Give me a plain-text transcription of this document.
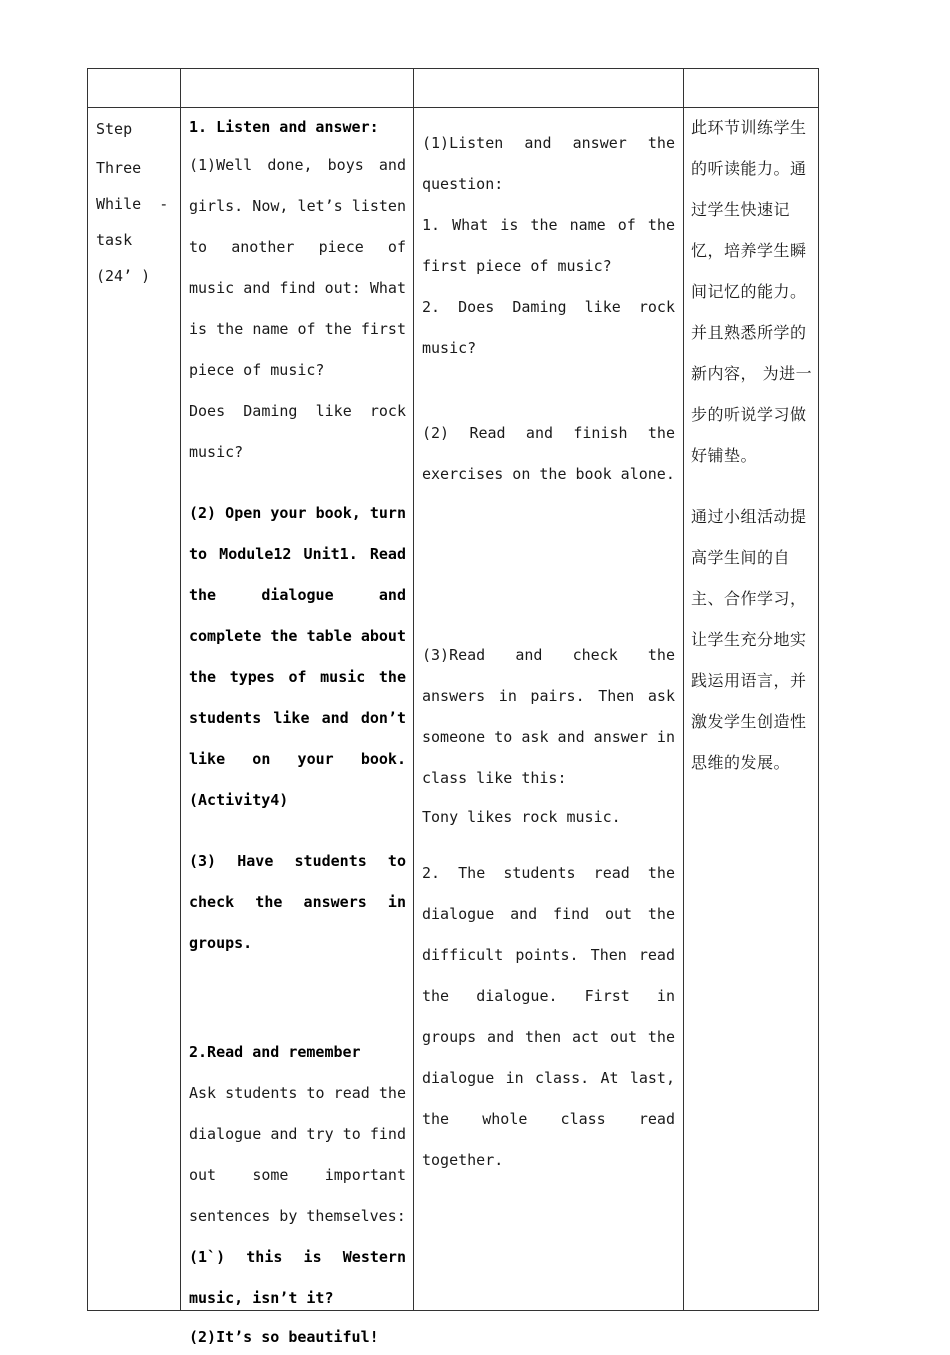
Step

Three

While  -

task

(24’ )

1. Listen and answer:

(1)Well done, boys and girls. Now, let’s listen to another piece of music and find out: What is the name of the first piece of music?

Does Daming like rock music?

(2) Open your book, turn to Module12 Unit1. Read the dialogue and complete the table about the types of music the students like and don’t like on your book. (Activity4)

(3) Have students to check the answers in groups.

2.Read and remember

Ask students to read the dialogue and try to find out some important sentences by themselves:

(1`) this is Western music, isn’t it?

(2)It’s so beautiful!

(1)Listen and answer the question:

1. What is the name of the first piece of music?

2. Does Daming like rock music?

(2) Read and finish the exercises on the book alone.

(3)Read and check the answers in pairs. Then ask someone to ask and answer in class like this:

Tony likes rock music.

2. The students read the dialogue and find out the difficult points. Then read the dialogue. First in groups and then act out the dialogue in class. At last, the whole class read together.

此环节训练学生的听读能力。通过学生快速记忆，培养学生瞬间记忆的能力。并且熟悉所学的新内容， 为进一步的听说学习做好铺垫。

通过小组活动提高学生间的自主、合作学习，让学生充分地实践运用语言，并激发学生创造性思维的发展。
